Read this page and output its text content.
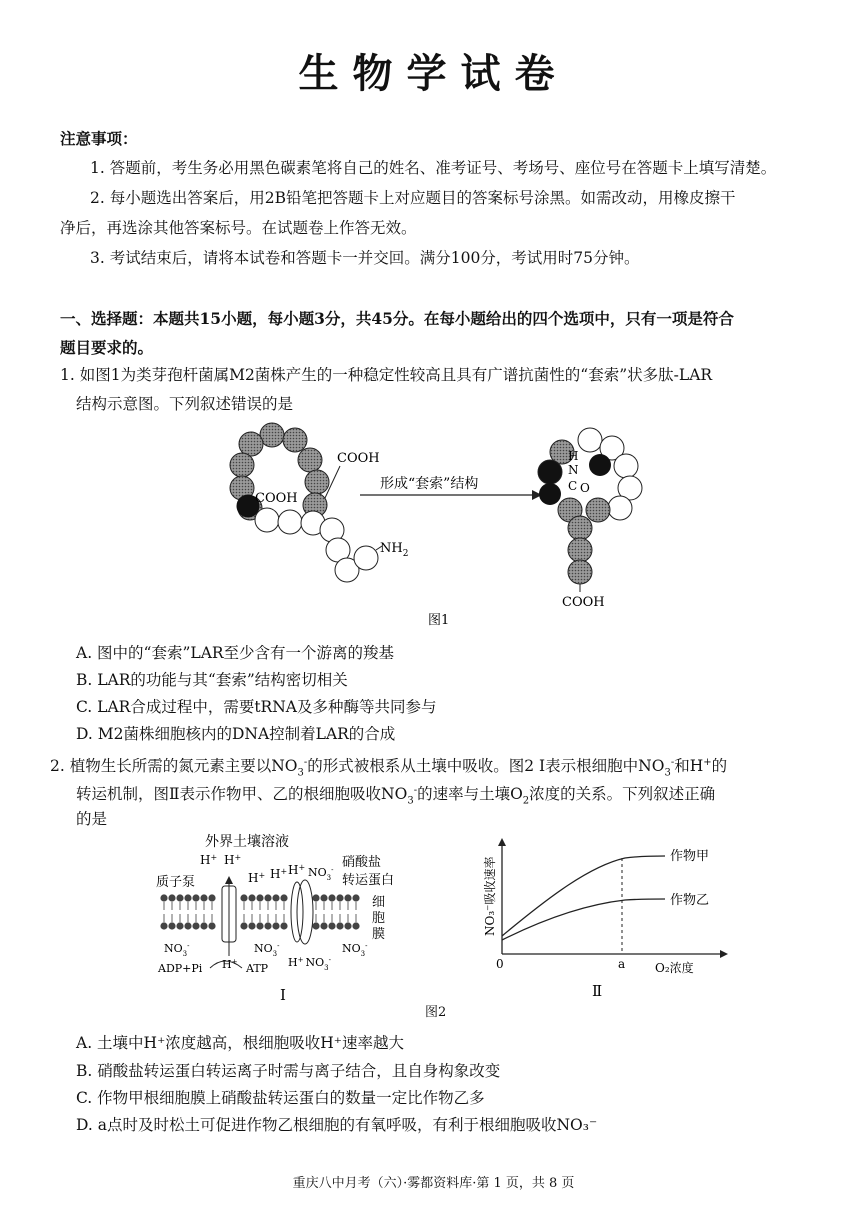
生物学试卷
注意事项：
1. 答题前，考生务必用黑色碳素笔将自己的姓名、准考证号、考场号、座位号在答题卡上填写清楚。
2. 每小题选出答案后，用2B铅笔把答题卡上对应题目的答案标号涂黑。如需改动，用橡皮擦干
净后，再选涂其他答案标号。在试题卷上作答无效。
3. 考试结束后，请将本试卷和答题卡一并交回。满分100分，考试用时75分钟。
一、选择题：本题共15小题，每小题3分，共45分。在每小题给出的四个选项中，只有一项是符合
题目要求的。
1. 如图1为类芽孢杆菌属M2菌株产生的一种稳定性较高且具有广谱抗菌性的“套索”状多肽-LAR
结构示意图。下列叙述错误的是
COOH
COOH
$NH_2$
形成“套索”结构
H
N
C O
COOH
图1
A. 图中的“套索”LAR至少含有一个游离的羧基
B. LAR的功能与其“套索”结构密切相关
C. LAR合成过程中，需要tRNA及多种酶等共同参与
D. M2菌株细胞核内的DNA控制着LAR的合成
2. 植物生长所需的氮元素主要以$NO_3^-$的形式被根系从土壤中吸收。图2 Ⅰ表示根细胞中$NO_3^-$和H+的
转运机制，图Ⅱ表示作物甲、乙的根细胞吸收$NO_3^-$的速率与土壤$O_2$浓度的关系。下列叙述正确
的是
外界土壤溶液
质子泵
硝酸盐
转运蛋白
细
胞
膜
H+ H+
H+ H+ H+ $NO_3^-$
$NO_3^-$	$NO_3^-$	$NO_3^-$
H+ $NO_3^-$
H+
ADP+Pi	ATP
Ⅰ
作物甲
作物乙
0	a O₂浓度
NO₃⁻吸收速率
Ⅱ
图2
A. 土壤中H⁺浓度越高，根细胞吸收H⁺速率越大
B. 硝酸盐转运蛋白转运离子时需与离子结合，且自身构象改变
C. 作物甲根细胞膜上硝酸盐转运蛋白的数量一定比作物乙多
D. a点时及时松土可促进作物乙根细胞的有氧呼吸，有利于根细胞吸收NO₃⁻
重庆八中月考（六）·雾都资料库·第 1 页，共 8 页
